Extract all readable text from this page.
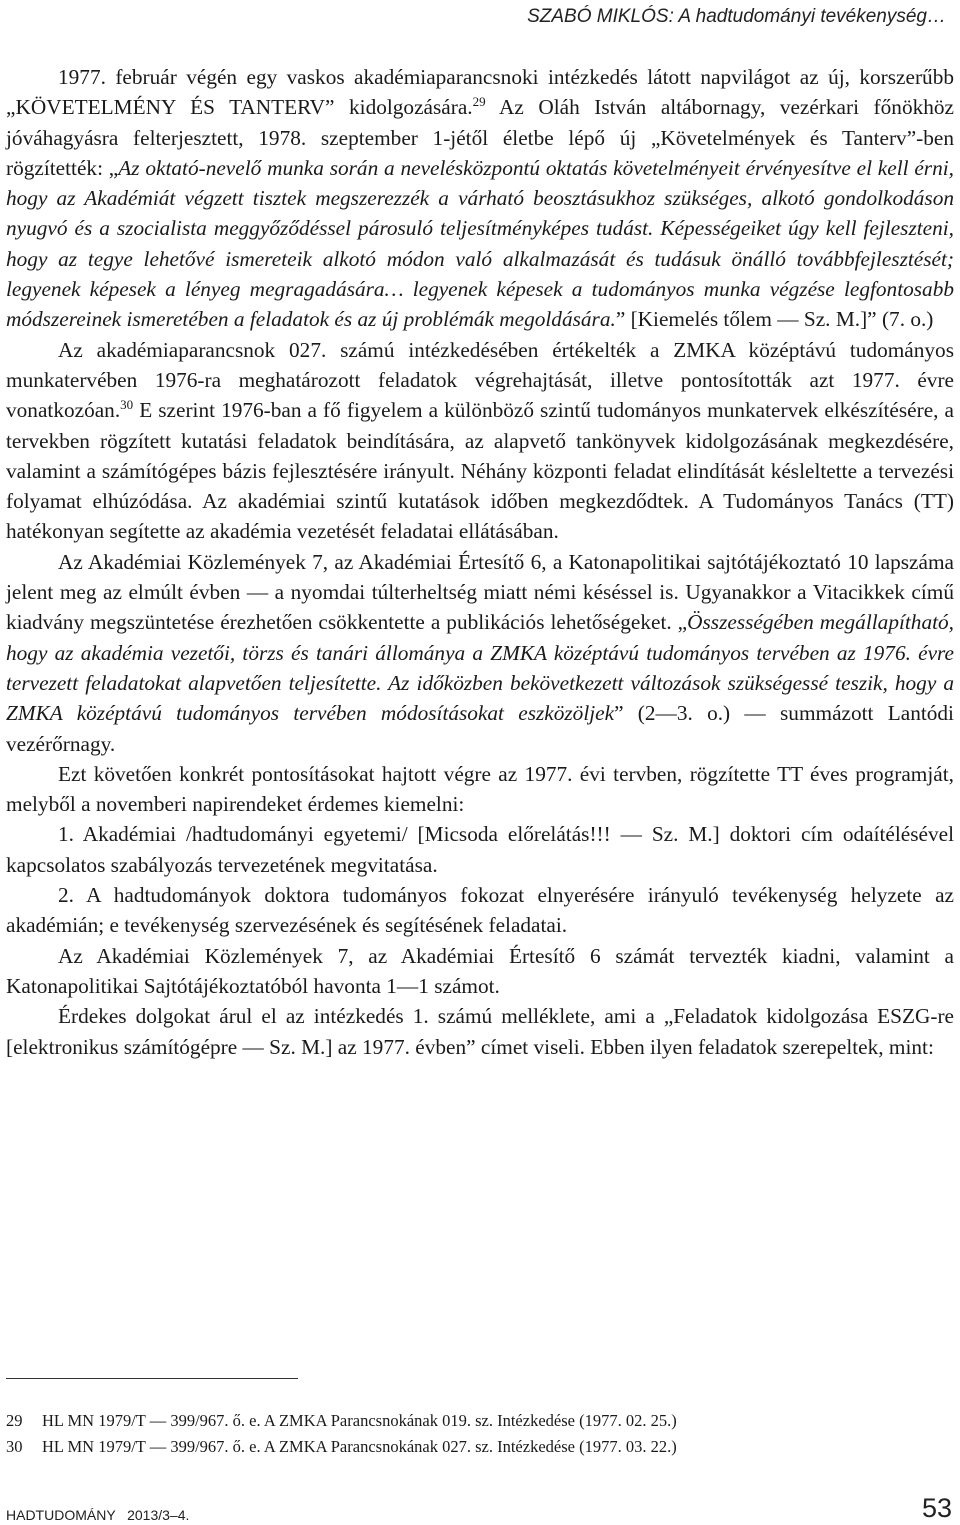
SZABÓ MIKLÓS: A hadtudományi tevékenység…

1977. február végén egy vaskos akadémiaparancsnoki intézkedés látott napvilágot az új, korszerűbb „KÖVETELMÉNY ÉS TANTERV” kidolgozására.$^{29}$ Az Oláh István altábornagy, vezérkari főnökhöz jóváhagyásra felterjesztett, 1978. szeptember 1-jétől életbe lépő új „Követelmények és Tanterv”-ben rögzítették: „Az oktató-nevelő munka során a nevelésközpontú oktatás követelményeit érvényesítve el kell érni, hogy az Akadémiát végzett tisztek megszerezzék a várható beosztásukhoz szükséges, alkotó gondolkodáson nyugvó és a szocialista meggyőződéssel párosuló teljesítményképes tudást. Képességeiket úgy kell fejleszteni, hogy az tegye lehetővé ismereteik alkotó módon való alkalmazását és tudásuk önálló továbbfejlesztését; legyenek képesek a lényeg megragadására… legyenek képesek a tudományos munka végzése legfontosabb módszereinek ismeretében a feladatok és az új problémák megoldására.” [Kiemelés tőlem — Sz. M.]” (7. o.)

Az akadémiaparancsnok 027. számú intézkedésében értékelték a ZMKA középtávú tudományos munkatervében 1976-ra meghatározott feladatok végrehajtását, illetve pontosították azt 1977. évre vonatkozóan.$^{30}$ E szerint 1976-ban a fő figyelem a különböző szintű tudományos munkatervek elkészítésére, a tervekben rögzített kutatási feladatok beindítására, az alapvető tankönyvek kidolgozásának megkezdésére, valamint a számítógépes bázis fejlesztésére irányult. Néhány központi feladat elindítását késleltette a tervezési folyamat elhúzódása. Az akadémiai szintű kutatások időben megkezdődtek. A Tudományos Tanács (TT) hatékonyan segítette az akadémia vezetését feladatai ellátásában.

Az Akadémiai Közlemények 7, az Akadémiai Értesítő 6, a Katonapolitikai sajtótájékoztató 10 lapszáma jelent meg az elmúlt évben — a nyomdai túlterheltség miatt némi késéssel is. Ugyanakkor a Vitacikkek című kiadvány megszüntetése érezhetően csökkentette a publikációs lehetőségeket. „Összességében megállapítható, hogy az akadémia vezetői, törzs és tanári állománya a ZMKA középtávú tudományos tervében az 1976. évre tervezett feladatokat alapvetően teljesítette. Az időközben bekövetkezett változások szükségessé teszik, hogy a ZMKA középtávú tudományos tervében módosításokat eszközöljek” (2—3. o.) — summázott Lantódi vezérőrnagy.

Ezt követően konkrét pontosításokat hajtott végre az 1977. évi tervben, rögzítette TT éves programját, melyből a novemberi napirendeket érdemes kiemelni:

1. Akadémiai /hadtudományi egyetemi/ [Micsoda előrelátás!!! — Sz. M.] doktori cím odaítélésével kapcsolatos szabályozás tervezetének megvitatása.

2. A hadtudományok doktora tudományos fokozat elnyerésére irányuló tevékenység helyzete az akadémián; e tevékenység szervezésének és segítésének feladatai.

Az Akadémiai Közlemények 7, az Akadémiai Értesítő 6 számát tervezték kiadni, valamint a Katonapolitikai Sajtótájékoztatóból havonta 1—1 számot.

Érdekes dolgokat árul el az intézkedés 1. számú melléklete, ami a „Feladatok kidolgozása ESZG-re [elektronikus számítógépre — Sz. M.] az 1977. évben” címet viseli. Ebben ilyen feladatok szerepeltek, mint:

29	HL MN 1979/T — 399/967. ő. e. A ZMKA Parancsnokának 019. sz. Intézkedése (1977. 02. 25.)
30	HL MN 1979/T — 399/967. ő. e. A ZMKA Parancsnokának 027. sz. Intézkedése (1977. 03. 22.)
HADTUDOMÁNY   2013/3–4.	53
